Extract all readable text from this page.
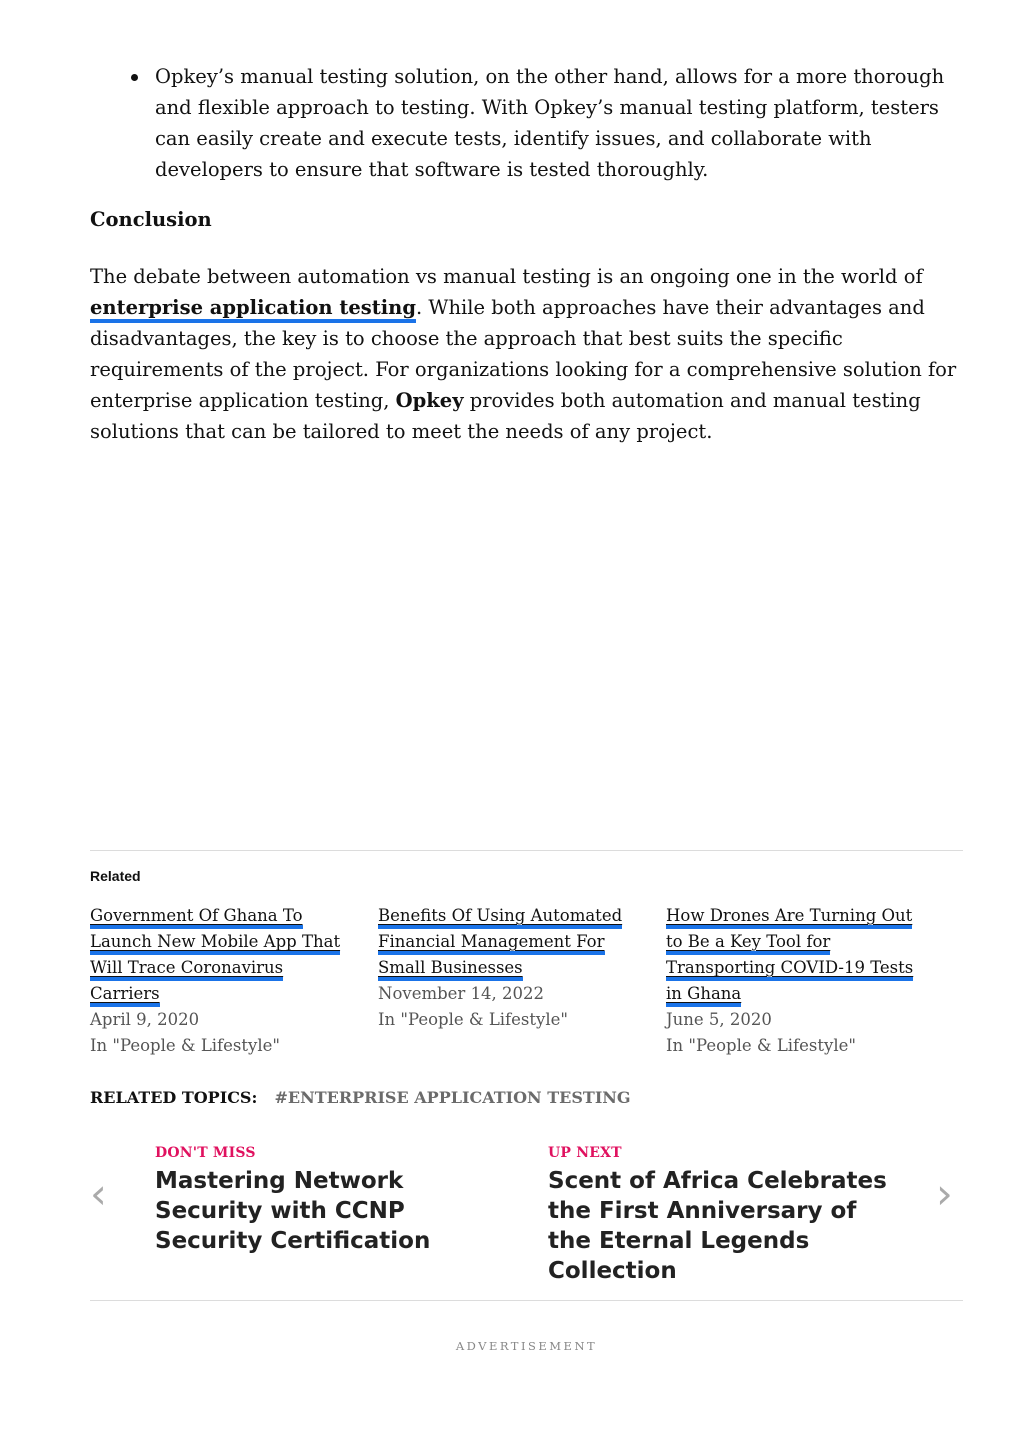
Opkey’s manual testing solution, on the other hand, allows for a more thorough and flexible approach to testing. With Opkey’s manual testing platform, testers can easily create and execute tests, identify issues, and collaborate with developers to ensure that software is tested thoroughly.
Conclusion

The debate between automation vs manual testing is an ongoing one in the world of enterprise application testing. While both approaches have their advantages and disadvantages, the key is to choose the approach that best suits the specific requirements of the project. For organizations looking for a comprehensive solution for enterprise application testing, Opkey provides both automation and manual testing solutions that can be tailored to meet the needs of any project.

Related
Government Of Ghana To Launch New Mobile App That Will Trace Coronavirus Carriers
April 9, 2020
In "People & Lifestyle"
Benefits Of Using Automated Financial Management For Small Businesses
November 14, 2022
In "People & Lifestyle"
How Drones Are Turning Out to Be a Key Tool for Transporting COVID-19 Tests in Ghana
June 5, 2020
In "People & Lifestyle"
RELATED TOPICS: #ENTERPRISE APPLICATION TESTING
‹
DON'T MISS
Mastering Network Security with CCNP Security Certification
UP NEXT
Scent of Africa Celebrates the First Anniversary of the Eternal Legends Collection
›
ADVERTISEMENT
